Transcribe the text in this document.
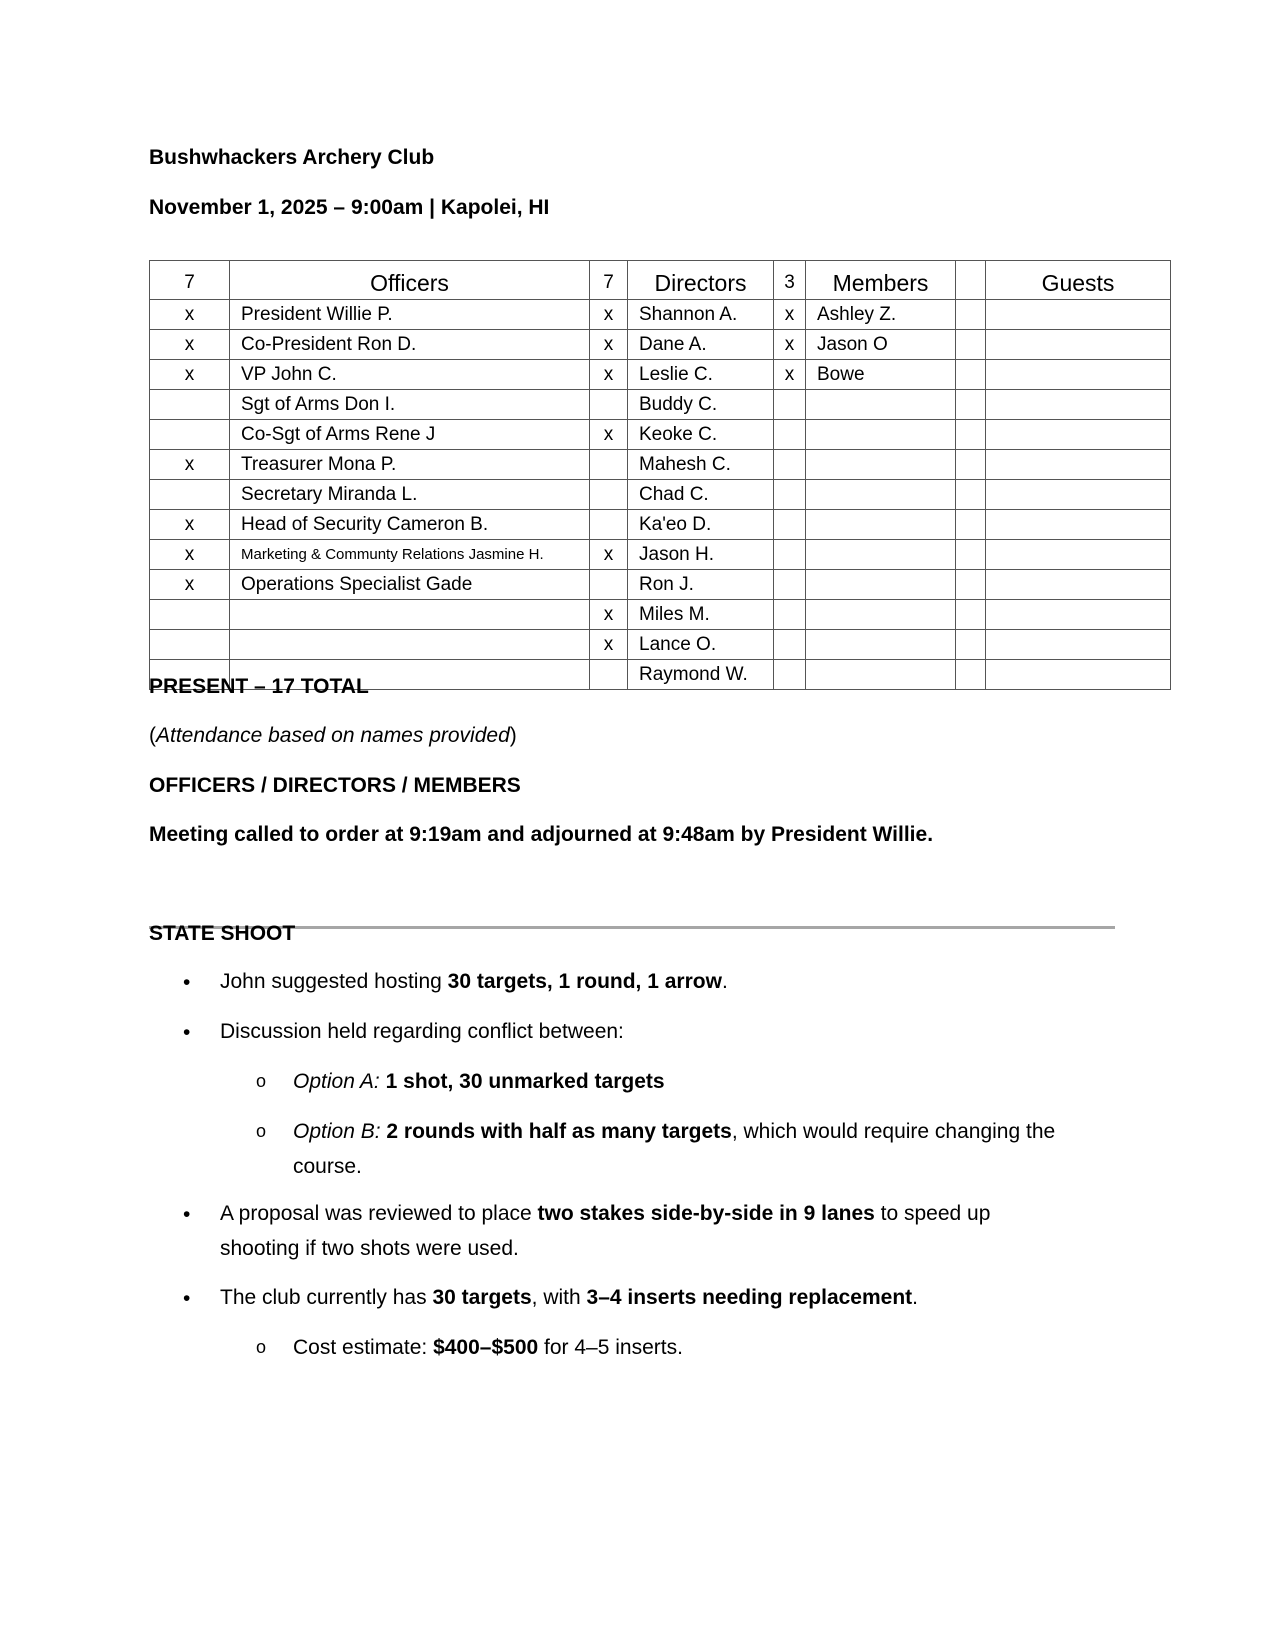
Bushwhackers Archery Club
November 1, 2025 – 9:00am | Kapolei, HI
7	Officers	7	Directors	3	Members		Guests
x	President Willie P.	x	Shannon A.	x	Ashley Z.		
x	Co-President Ron D.	x	Dane A.	x	Jason O		
x	VP John C.	x	Leslie C.	x	Bowe		
	Sgt of Arms Don I.		Buddy C.				
	Co-Sgt of Arms Rene J	x	Keoke C.				
x	Treasurer Mona P.		Mahesh C.				
	Secretary Miranda L.		Chad C.				
x	Head of Security Cameron B.		Ka'eo D.				
x	Marketing & Communty Relations Jasmine H.	x	Jason H.				
x	Operations Specialist Gade		Ron J.				
		x	Miles M.				
		x	Lance O.				
			Raymond W.				
PRESENT – 17 TOTAL
(Attendance based on names provided)
OFFICERS / DIRECTORS / MEMBERS
Meeting called to order at 9:19am and adjourned at 9:48am by President Willie.
STATE SHOOT
• John suggested hosting 30 targets, 1 round, 1 arrow.
• Discussion held regarding conflict between:
o Option A: 1 shot, 30 unmarked targets
o Option B: 2 rounds with half as many targets, which would require changing the course.
• A proposal was reviewed to place two stakes side-by-side in 9 lanes to speed up shooting if two shots were used.
• The club currently has 30 targets, with 3–4 inserts needing replacement.
o Cost estimate: $400–$500 for 4–5 inserts.
